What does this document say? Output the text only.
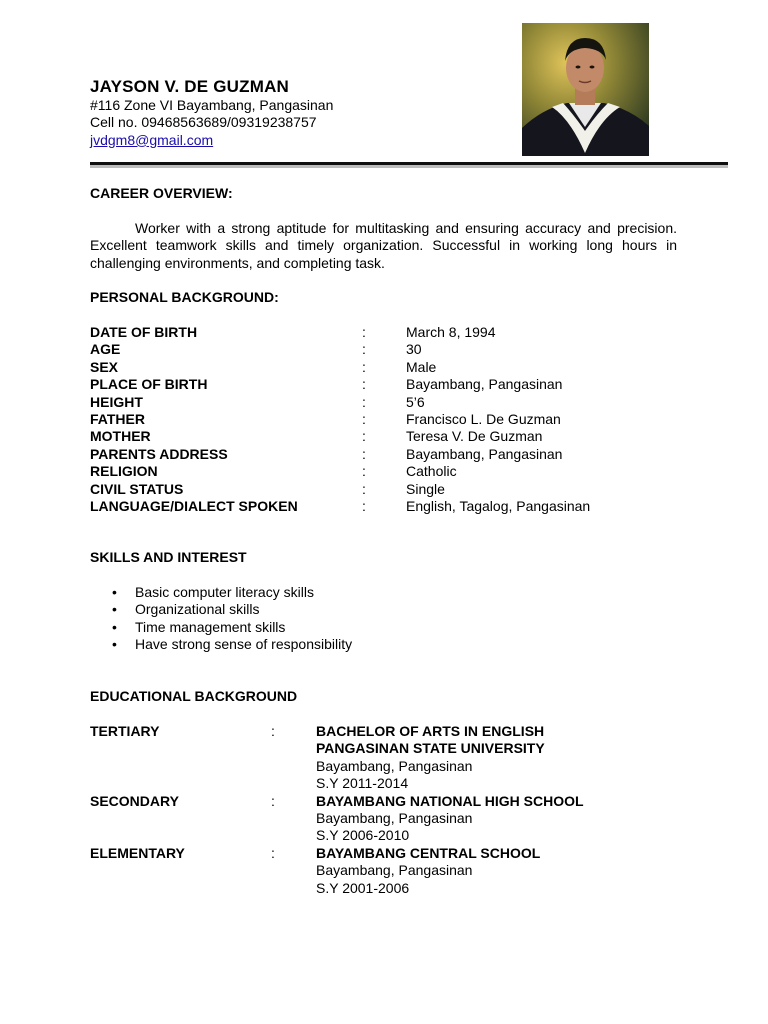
JAYSON V. DE GUZMAN
#116 Zone VI Bayambang, Pangasinan
Cell no. 09468563689/09319238757
jvdgm8@gmail.com
CAREER OVERVIEW:
Worker with a strong aptitude for multitasking and ensuring accuracy and precision. Excellent teamwork skills and timely organization. Successful in working long hours in challenging environments, and completing task.
PERSONAL BACKGROUND:
DATE OF BIRTH	:	March 8, 1994
AGE	:	30
SEX	:	Male
PLACE OF BIRTH	:	Bayambang, Pangasinan
HEIGHT	:	5’6
FATHER	:	Francisco L. De Guzman
MOTHER	:	Teresa V. De Guzman
PARENTS ADDRESS	:	Bayambang, Pangasinan
RELIGION	:	Catholic
CIVIL STATUS	:	Single
LANGUAGE/DIALECT SPOKEN	:	English, Tagalog, Pangasinan
SKILLS AND INTEREST
• Basic computer literacy skills
• Organizational skills
• Time management skills
• Have strong sense of responsibility
EDUCATIONAL BACKGROUND
TERTIARY	:	BACHELOR OF ARTS IN ENGLISH
PANGASINAN STATE UNIVERSITY
Bayambang, Pangasinan
S.Y 2011-2014
SECONDARY	:	BAYAMBANG NATIONAL HIGH SCHOOL
Bayambang, Pangasinan
S.Y 2006-2010
ELEMENTARY	:	BAYAMBANG CENTRAL SCHOOL
Bayambang, Pangasinan
S.Y 2001-2006
